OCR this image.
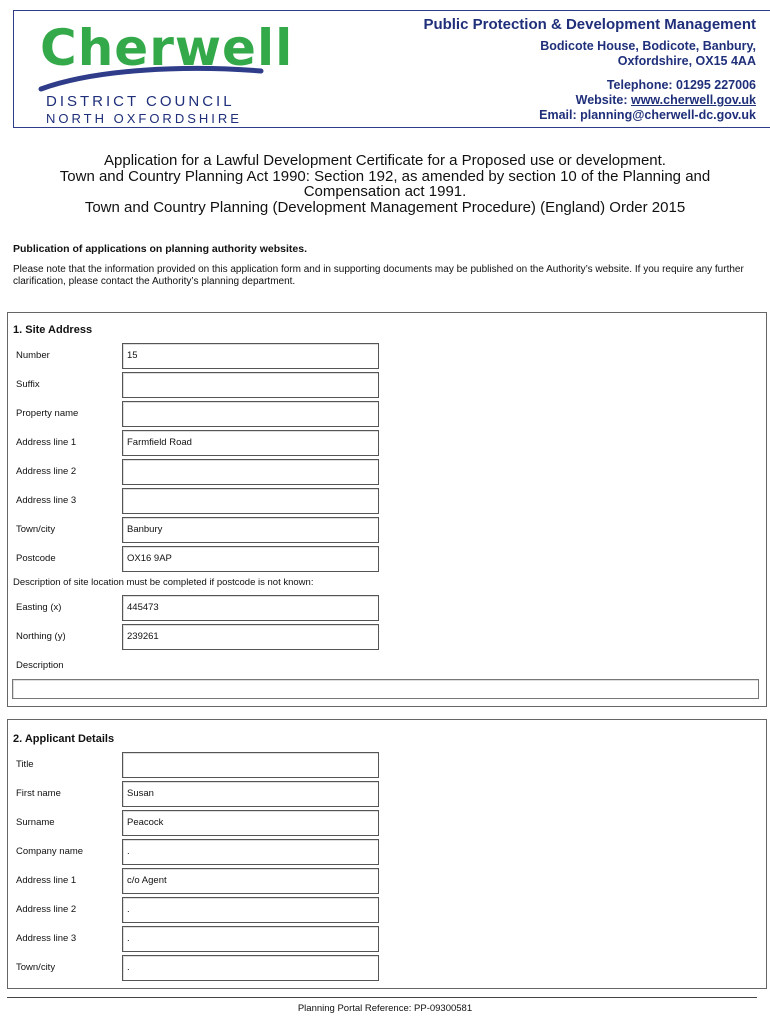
Cherwell
DISTRICT COUNCIL
NORTH OXFORDSHIRE
Public Protection & Development Management
Bodicote House, Bodicote, Banbury,
Oxfordshire, OX15 4AA
Telephone: 01295 227006
Website: www.cherwell.gov.uk
Email: planning@cherwell-dc.gov.uk
Application for a Lawful Development Certificate for a Proposed use or development.
Town and Country Planning Act 1990: Section 192, as amended by section 10 of the Planning and
Compensation act 1991.
Town and Country Planning (Development Management Procedure) (England) Order 2015
Publication of applications on planning authority websites.
Please note that the information provided on this application form and in supporting documents may be published on the Authority’s website. If you require any further clarification, please contact the Authority’s planning department.
1. Site Address
Number	15
Suffix
Property name
Address line 1	Farmfield Road
Address line 2
Address line 3
Town/city	Banbury
Postcode	OX16 9AP
Description of site location must be completed if postcode is not known:
Easting (x)	445473
Northing (y)	239261
Description
2. Applicant Details
Title
First name	Susan
Surname	Peacock
Company name	.
Address line 1	c/o Agent
Address line 2	.
Address line 3	.
Town/city	.
Planning Portal Reference: PP-09300581
